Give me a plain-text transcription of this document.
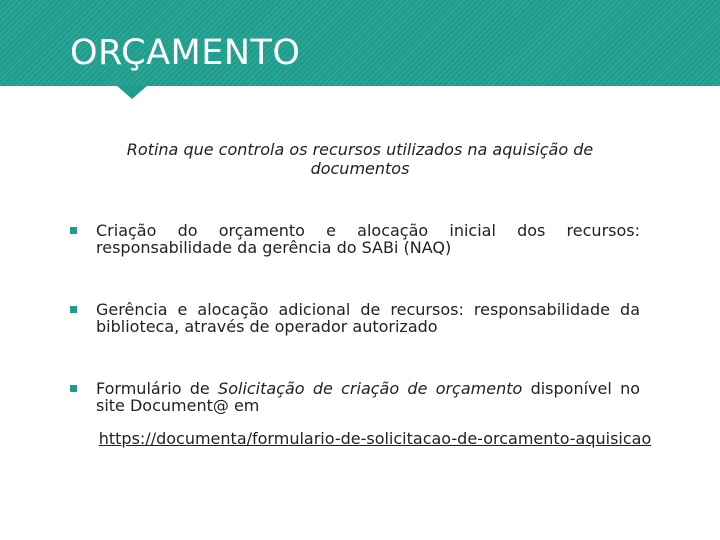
ORÇAMENTO
Rotina que controla os recursos utilizados na aquisição de documentos
Criação do orçamento e alocação inicial dos recursos: responsabilidade da gerência do SABi (NAQ)
Gerência e alocação adicional de recursos: responsabilidade da biblioteca, através de operador autorizado
Formulário de Solicitação de criação de orçamento disponível no site Document@ em
https://documenta/formulario-de-solicitacao-de-orcamento-aquisicao
